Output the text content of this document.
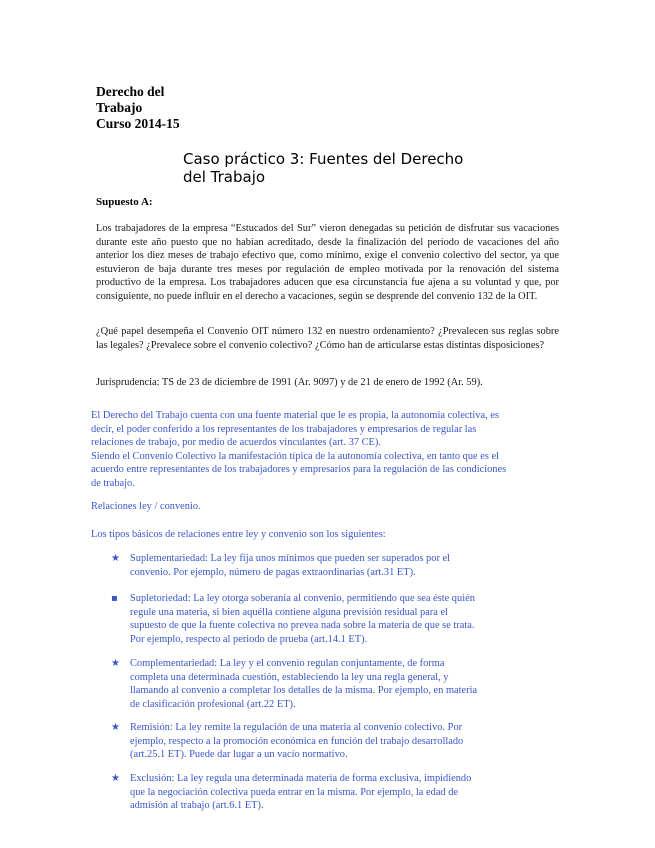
Derecho del
Trabajo
Curso 2014-15
Caso práctico 3: Fuentes del Derecho del Trabajo
Supuesto A:
Los trabajadores de la empresa “Estucados del Sur” vieron denegadas su petición de disfrutar sus vacaciones durante este año puesto que no habían acreditado, desde la finalización del período de vacaciones del año anterior los diez meses de trabajo efectivo que, como mínimo, exige el convenio colectivo del sector, ya que estuvieron de baja durante tres meses por regulación de empleo motivada por la renovación del sistema productivo de la empresa. Los trabajadores aducen que esa circunstancia fue ajena a su voluntad y que, por consiguiente, no puede influir en el derecho a vacaciones, según se desprende del convenio 132 de la OIT.
¿Qué papel desempeña el Convenio OIT número 132 en nuestro ordenamiento? ¿Prevalecen sus reglas sobre las legales? ¿Prevalece sobre el convenio colectivo? ¿Cómo han de articularse estas distintas disposiciones?
Jurisprudencia: TS de 23 de diciembre de 1991 (Ar. 9097) y de 21 de enero de 1992 (Ar. 59).
El Derecho del Trabajo cuenta con una fuente material que le es propia, la autonomía colectiva, es decir, el poder conferido a los representantes de los trabajadores y empresarios de regular las relaciones de trabajo, por medio de acuerdos vinculantes (art. 37 CE).
Siendo el Convenio Colectivo la manifestación típica de la autonomía colectiva, en tanto que es el acuerdo entre representantes de los trabajadores y empresarios para la regulación de las condiciones de trabajo.
Relaciones ley / convenio.
Los tipos básicos de relaciones entre ley y convenio son los siguientes:
★ Suplementariedad: La ley fija unos mínimos que pueden ser superados por el convenio. Por ejemplo, número de pagas extraordinarias (art.31 ET).
▪ Supletoriedad: La ley otorga soberanía al convenio, permitiendo que sea éste quién regule una materia, si bien aquélla contiene alguna previsión residual para el supuesto de que la fuente colectiva no prevea nada sobre la materia de que se trata. Por ejemplo, respecto al periodo de prueba (art.14.1 ET).
★ Complementariedad: La ley y el convenio regulan conjuntamente, de forma completa una determinada cuestión, estableciendo la ley una regla general, y llamando al convenio a completar los detalles de la misma. Por ejemplo, en materia de clasificación profesional (art.22 ET).
★ Remisión: La ley remite la regulación de una materia al convenio colectivo. Por ejemplo, respecto a la promoción económica en función del trabajo desarrollado (art.25.1 ET). Puede dar lugar a un vacío normativo.
★ Exclusión: La ley regula una determinada materia de forma exclusiva, impidiendo que la negociación colectiva pueda entrar en la misma. Por ejemplo, la edad de admisión al trabajo (art.6.1 ET).
